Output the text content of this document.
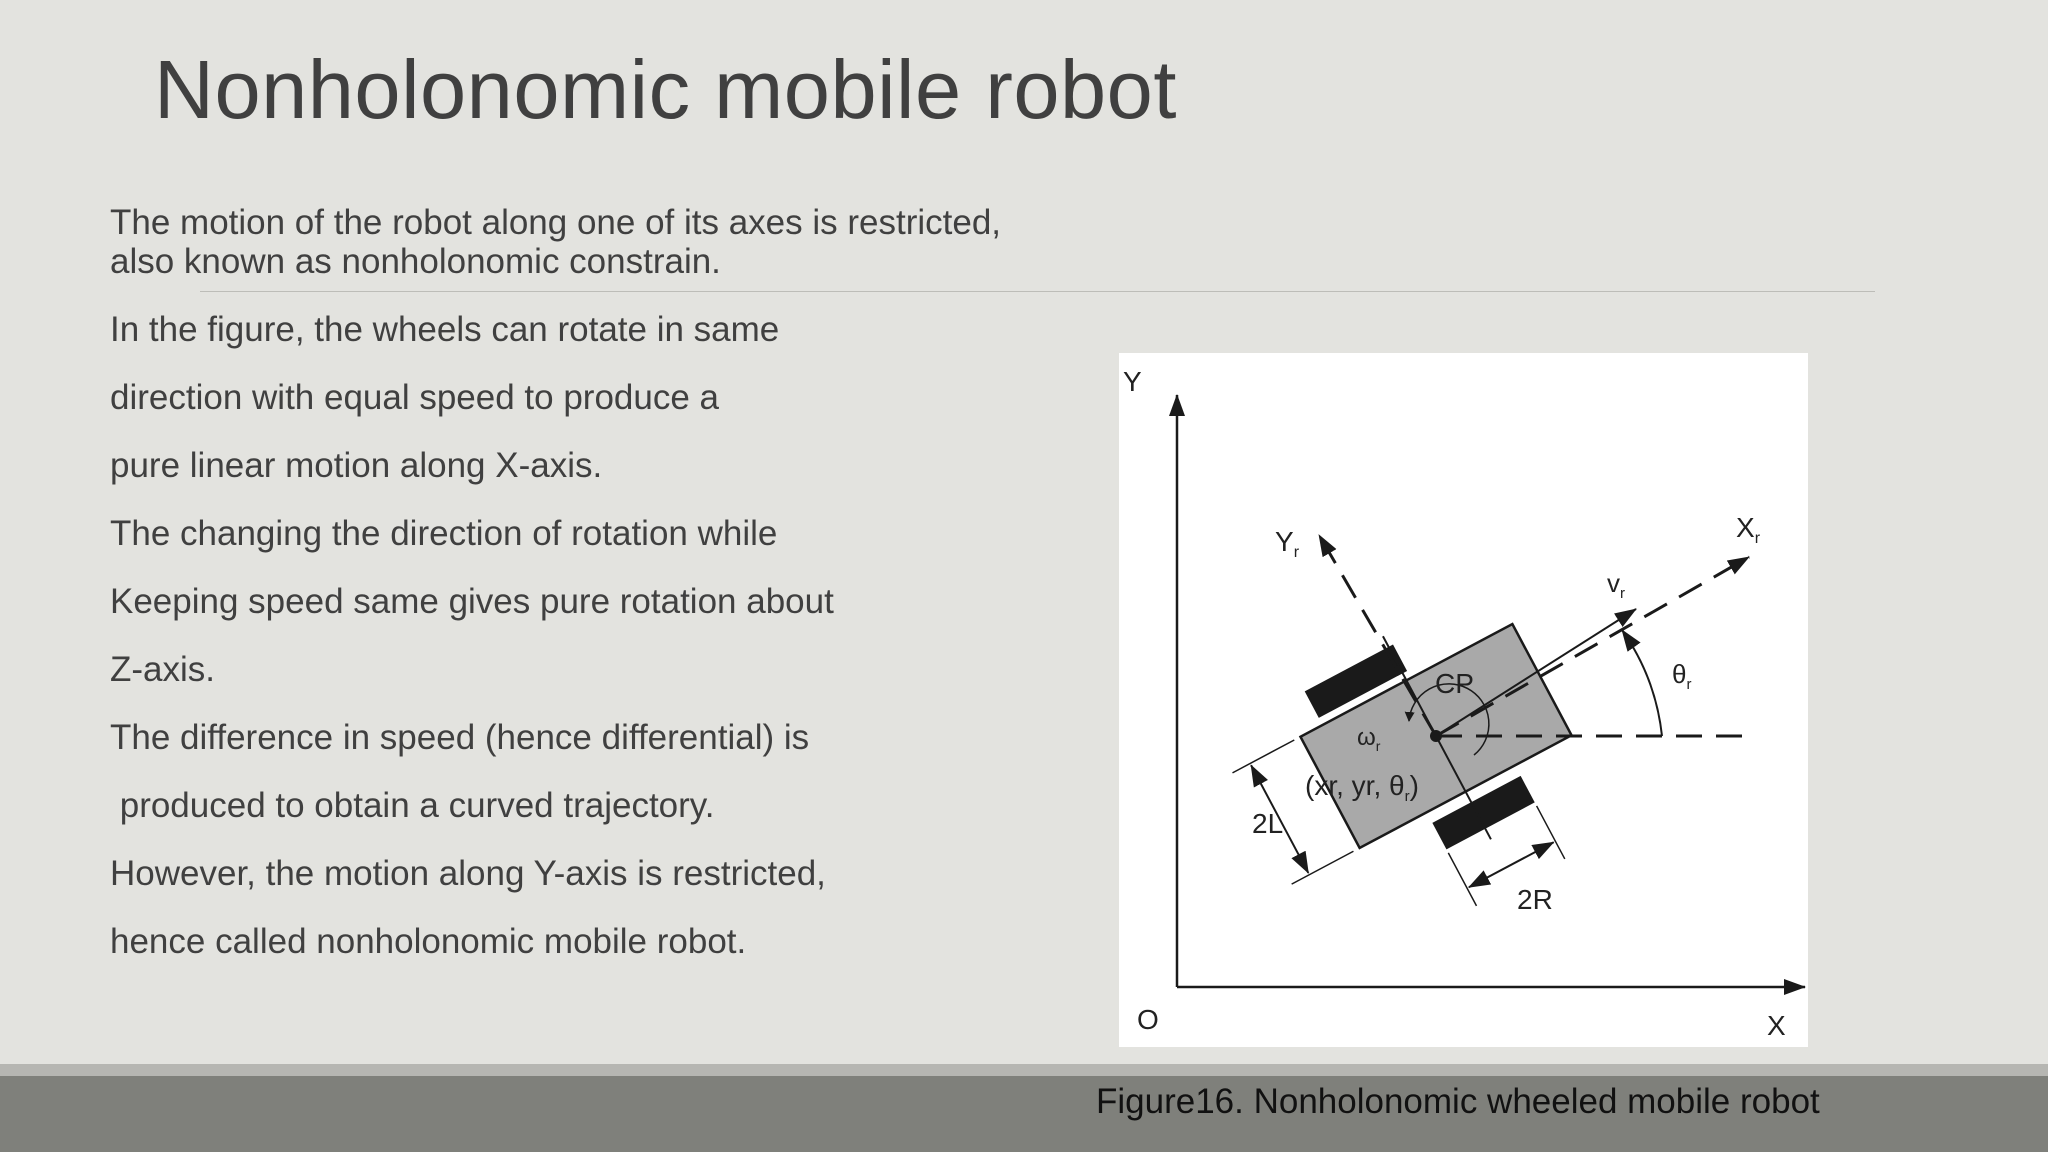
Nonholonomic mobile robot

The motion of the robot along one of its axes is restricted,

also known as nonholonomic constrain.

In the figure, the wheels can rotate in same

direction with equal speed to produce a

pure linear motion along X-axis.

The changing the direction of rotation while

Keeping speed same gives pure rotation about

Z-axis.

The difference in speed (hence differential) is

produced to obtain a curved trajectory.

However, the motion along Y-axis is restricted,

hence called nonholonomic mobile robot.

Y
X
O
$Y_r$
$X_r$
$v_r$
$\theta_r$
CP
$\omega_r$
(xr, yr, $\theta_r$)
2L
2R
Figure16. Nonholonomic wheeled mobile robot
